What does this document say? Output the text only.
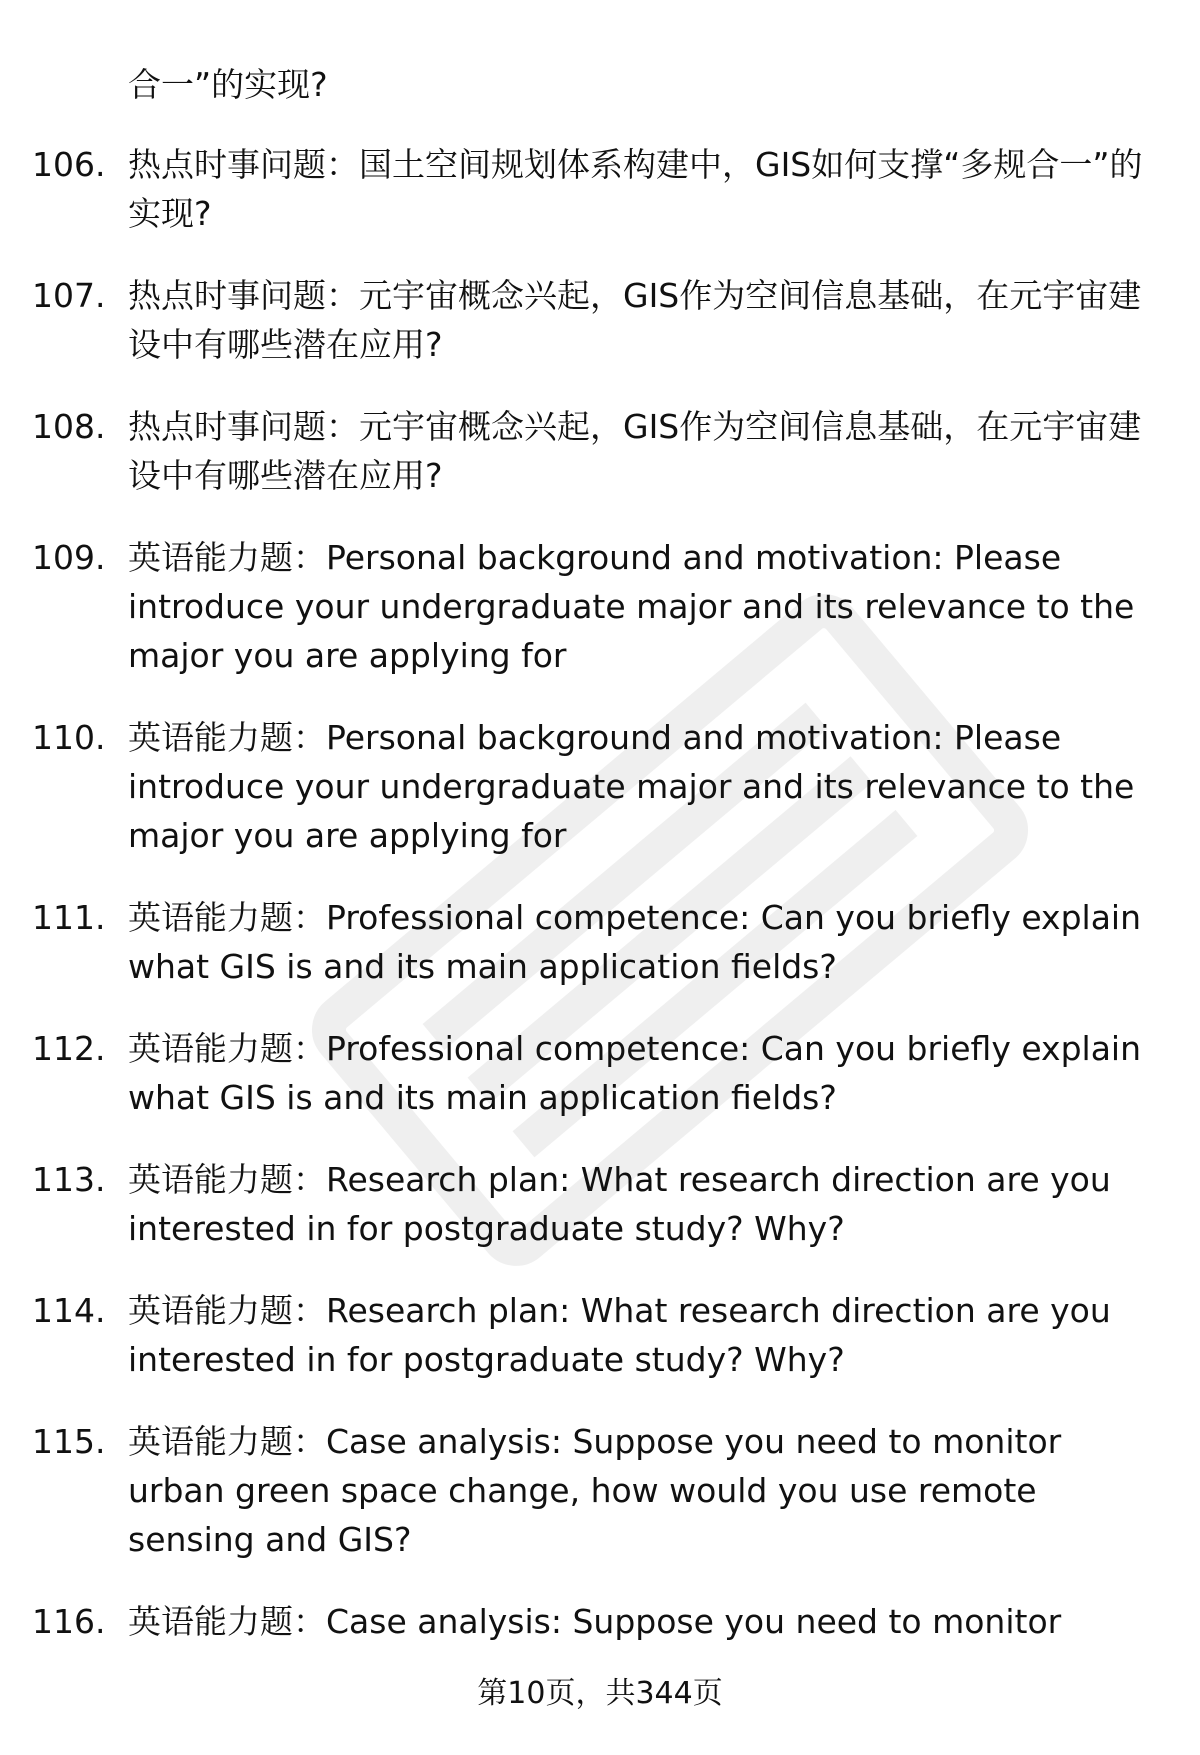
合一”的实现?
106. 热点时事问题：国土空间规划体系构建中，GIS如何支撑“多规合一”的实现?
107. 热点时事问题：元宇宙概念兴起，GIS作为空间信息基础，在元宇宙建设中有哪些潜在应用?
108. 热点时事问题：元宇宙概念兴起，GIS作为空间信息基础，在元宇宙建设中有哪些潜在应用?
109. 英语能力题：Personal background and motivation: Please introduce your undergraduate major and its relevance to the major you are applying for
110. 英语能力题：Personal background and motivation: Please introduce your undergraduate major and its relevance to the major you are applying for
111. 英语能力题：Professional competence: Can you briefly explain what GIS is and its main application fields?
112. 英语能力题：Professional competence: Can you briefly explain what GIS is and its main application fields?
113. 英语能力题：Research plan: What research direction are you interested in for postgraduate study? Why?
114. 英语能力题：Research plan: What research direction are you interested in for postgraduate study? Why?
115. 英语能力题：Case analysis: Suppose you need to monitor urban green space change, how would you use remote sensing and GIS?
116. 英语能力题：Case analysis: Suppose you need to monitor
第10页，共344页
